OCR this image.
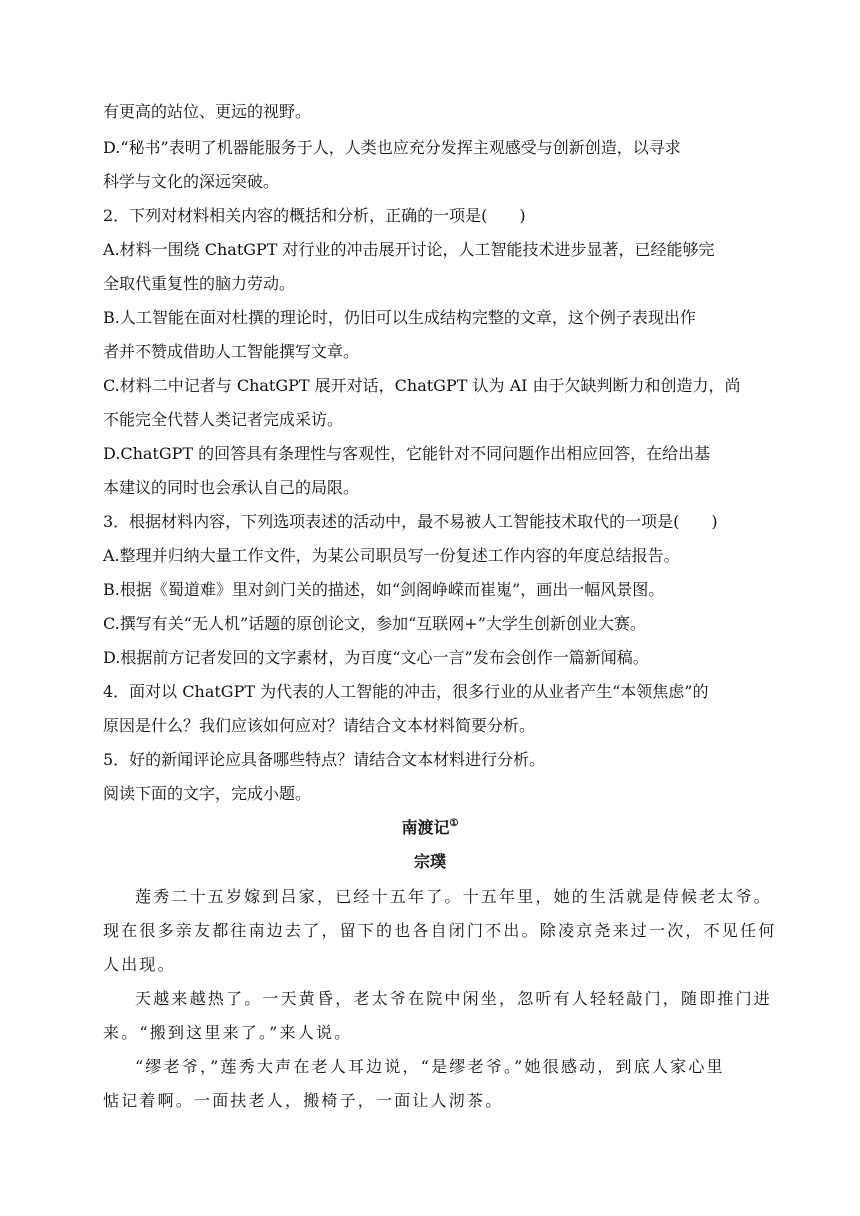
有更高的站位、更远的视野。
D.“秘书”表明了机器能服务于人，人类也应充分发挥主观感受与创新创造，以寻求
科学与文化的深远突破。
2．下列对材料相关内容的概括和分析，正确的一项是(　　)
A.材料一围绕 ChatGPT 对行业的冲击展开讨论，人工智能技术进步显著，已经能够完
全取代重复性的脑力劳动。
B.人工智能在面对杜撰的理论时，仍旧可以生成结构完整的文章，这个例子表现出作
者并不赞成借助人工智能撰写文章。
C.材料二中记者与 ChatGPT 展开对话，ChatGPT 认为 AI 由于欠缺判断力和创造力，尚
不能完全代替人类记者完成采访。
D.ChatGPT 的回答具有条理性与客观性，它能针对不同问题作出相应回答，在给出基
本建议的同时也会承认自己的局限。
3．根据材料内容，下列选项表述的活动中，最不易被人工智能技术取代的一项是(　　)
A.整理并归纳大量工作文件，为某公司职员写一份复述工作内容的年度总结报告。
B.根据《蜀道难》里对剑门关的描述，如“剑阁峥嵘而崔嵬”，画出一幅风景图。
C.撰写有关“无人机”话题的原创论文，参加“互联网+”大学生创新创业大赛。
D.根据前方记者发回的文字素材，为百度“文心一言”发布会创作一篇新闻稿。
4．面对以 ChatGPT 为代表的人工智能的冲击，很多行业的从业者产生“本领焦虑”的
原因是什么？我们应该如何应对？请结合文本材料简要分析。
5．好的新闻评论应具备哪些特点？请结合文本材料进行分析。
阅读下面的文字，完成小题。
南渡记①
宗璞
莲秀二十五岁嫁到吕家，已经十五年了。十五年里，她的生活就是侍候老太爷。
现在很多亲友都往南边去了，留下的也各自闭门不出。除凌京尧来过一次，不见任何
人出现。
天越来越热了。一天黄昏，老太爷在院中闲坐，忽听有人轻轻敲门，随即推门进
来。“搬到这里来了。”来人说。
“缪老爷，”莲秀大声在老人耳边说，“是缪老爷。”她很感动，到底人家心里
惦记着啊。一面扶老人，搬椅子，一面让人沏茶。
